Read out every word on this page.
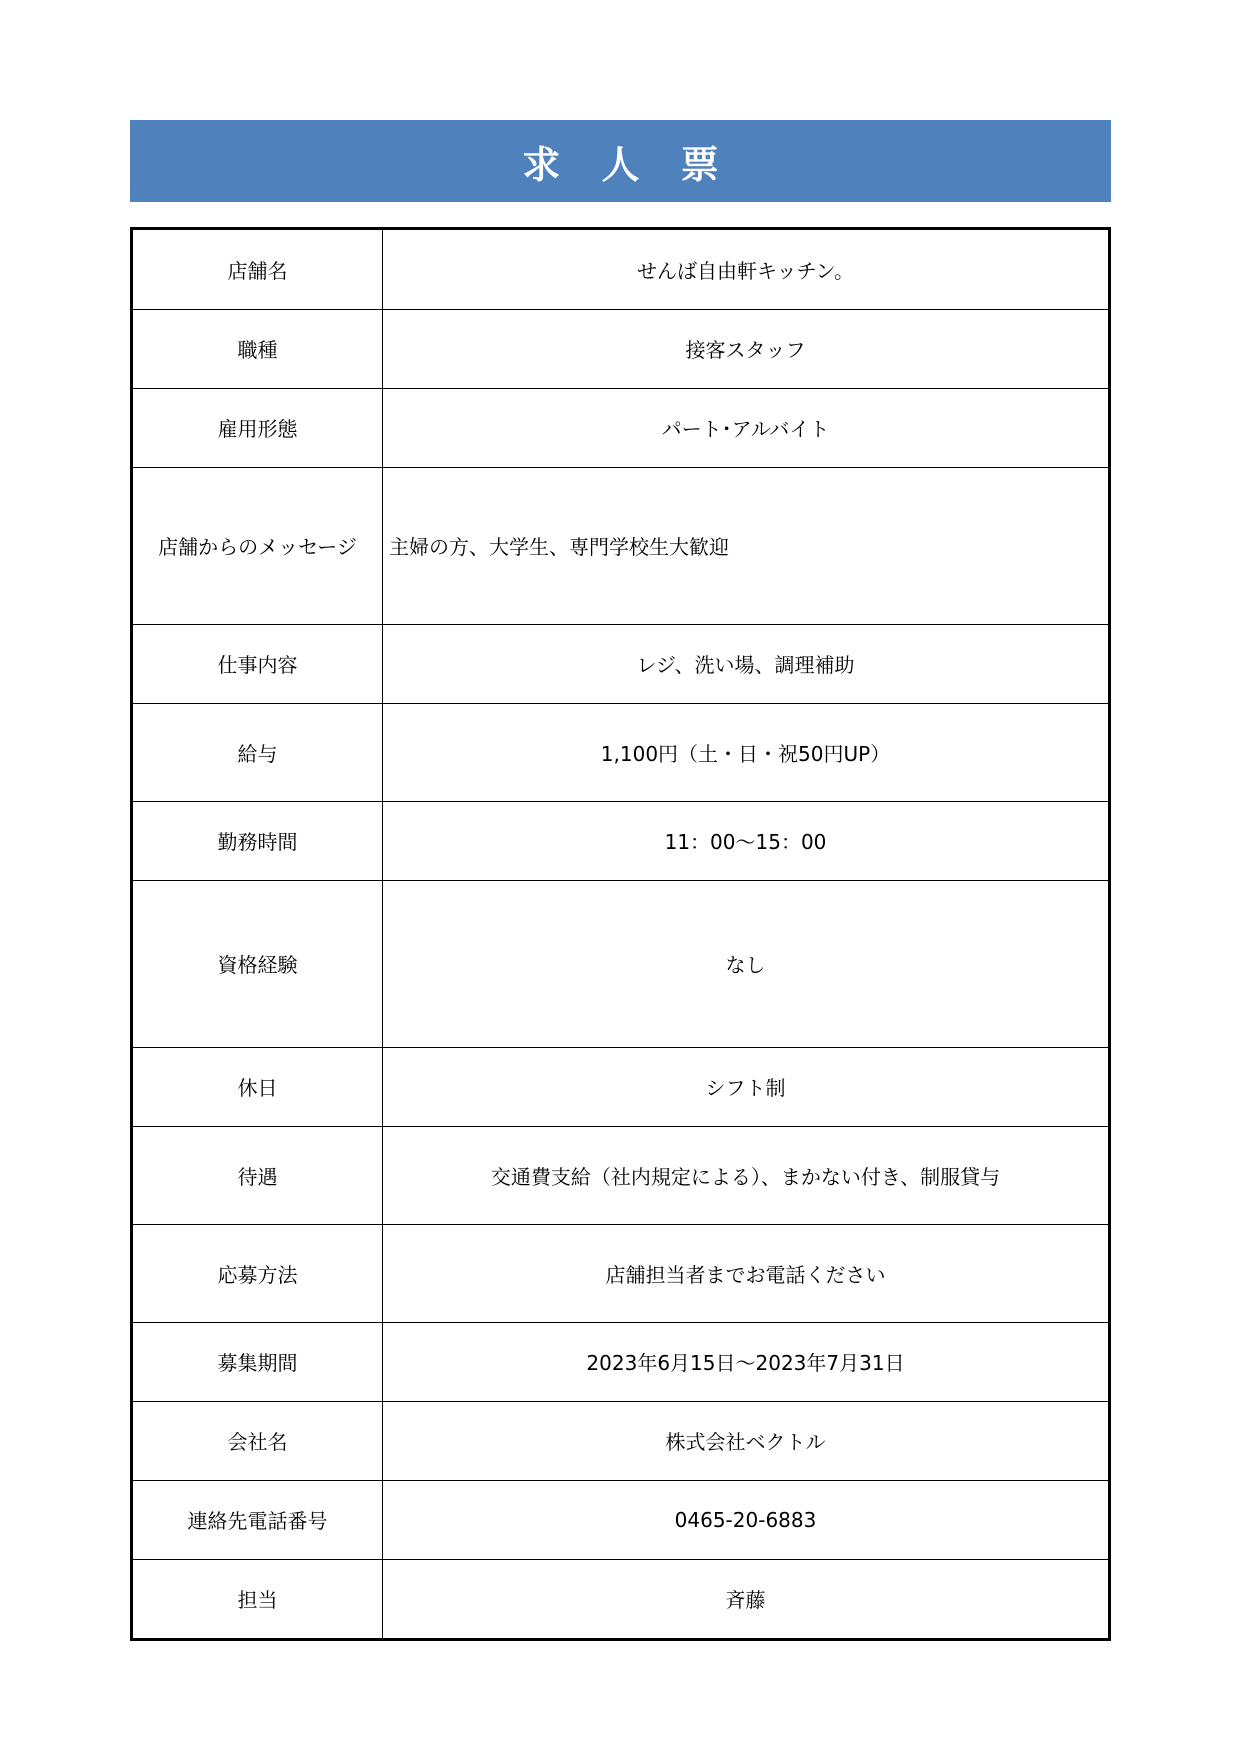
求 人 票
店舗名	せんば自由軒キッチン。
職種	接客スタッフ
雇用形態	パート･アルバイト
店舗からのメッセージ	主婦の方、大学生、専門学校生大歓迎
仕事内容	レジ、洗い場、調理補助
給与	1,100円（土・日・祝50円UP）
勤務時間	11：00〜15：00
資格経験	なし
休日	シフト制
待遇	交通費支給（社内規定による）、まかない付き、制服貸与
応募方法	店舗担当者までお電話ください
募集期間	2023年6月15日〜2023年7月31日
会社名	株式会社ベクトル
連絡先電話番号	0465-20-6883
担当	斉藤
